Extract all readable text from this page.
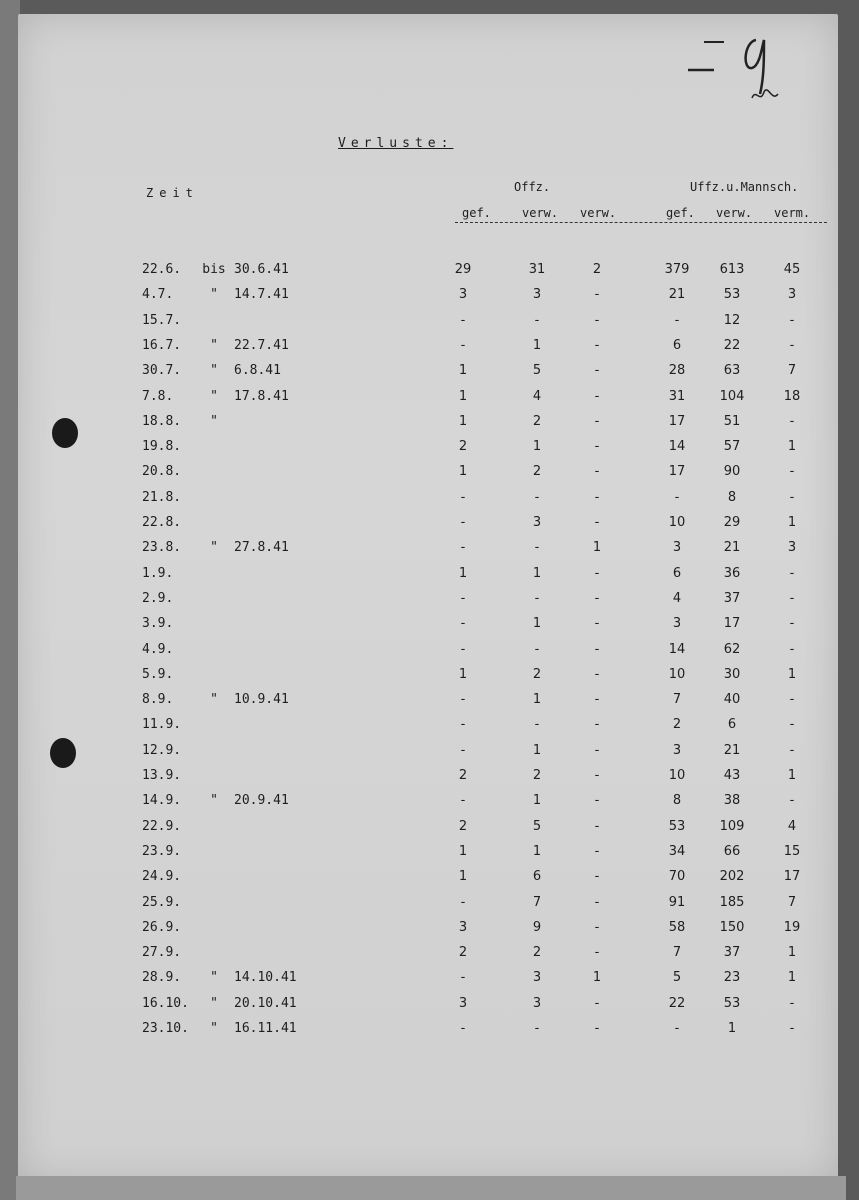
Verluste:
Zeit	Offz.	Uffz.u.Mannsch.
gef.	verw. verw.	gef. verw. verm.
22.6. bis 30.6.41	29	31	2	379	613	45
4.7.	" 14.7.41	3	3	-	21	53	3
15.7.	-	-	-	-	12	-
16.7. " 22.7.41	-	1	-	6	22	-
30.7. " 6.8.41	1	5	-	28	63	7
7.8.	" 17.8.41	1	4	-	31	104	18
18.8. "	1	2	-	17	51	-
19.8.	2	1	-	14	57	1
20.8.	1	2	-	17	90	-
21.8.	-	-	-	-	8	-
22.8.	-	3	-	10	29	1
23.8. " 27.8.41	-	-	1	3	21	3
1.9.	1	1	-	6	36	-
2.9.	-	-	-	4	37	-
3.9.	-	1	-	3	17	-
4.9.	-	-	-	14	62	-
5.9.	1	2	-	10	30	1
8.9.	" 10.9.41	-	1	-	7	40	-
11.9.	-	-	-	2	6	-
12.9.	-	1	-	3	21	-
13.9.	2	2	-	10	43	1
14.9. " 20.9.41	-	1	-	8	38	-
22.9.	2	5	-	53	109	4
23.9.	1	1	-	34	66	15
24.9.	1	6	-	70	202	17
25.9.	-	7	-	91	185	7
26.9.	3	9	-	58	150	19
27.9.	2	2	-	7	37	1
28.9. " 14.10.41	-	3	1	5	23	1
16.10. " 20.10.41	3	3	-	22	53	-
23.10. " 16.11.41	-	-	-	-	1	-
